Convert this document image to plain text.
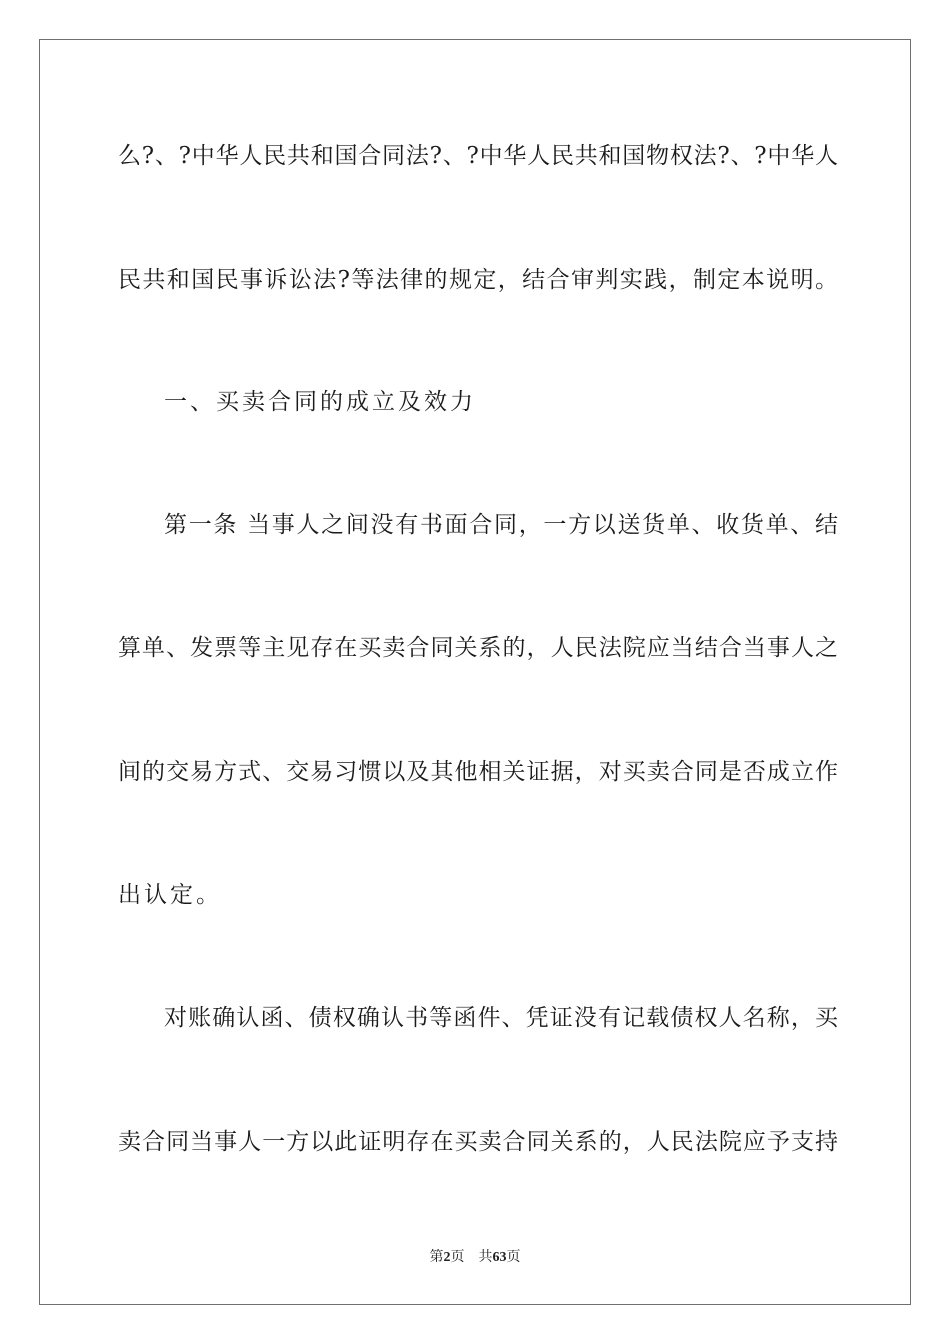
么?、?中华人民共和国合同法?、?中华人民共和国物权法?、?中华人
民共和国民事诉讼法?等法律的规定，结合审判实践，制定本说明。
一、买卖合同的成立及效力
第一条 当事人之间没有书面合同，一方以送货单、收货单、结
算单、发票等主见存在买卖合同关系的，人民法院应当结合当事人之
间的交易方式、交易习惯以及其他相关证据，对买卖合同是否成立作
出认定。
对账确认函、债权确认书等函件、凭证没有记载债权人名称，买
卖合同当事人一方以此证明存在买卖合同关系的，人民法院应予支持
第2页 共63页
